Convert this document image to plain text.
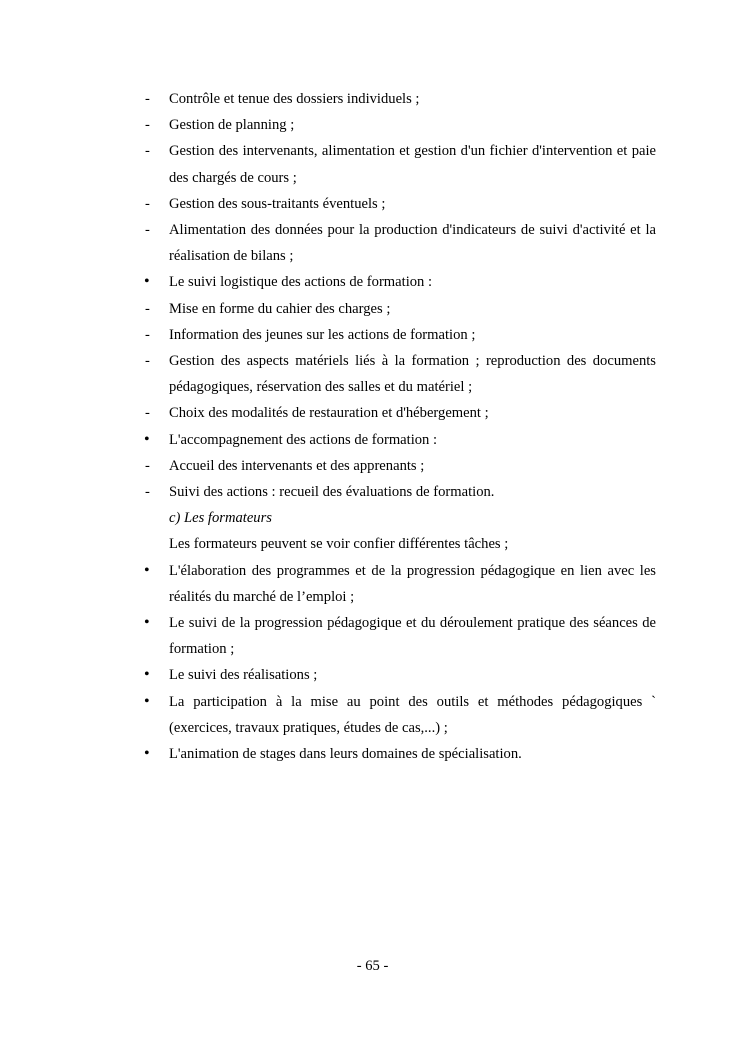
-	Contrôle et tenue des dossiers individuels ;
-	Gestion de planning ;
-	Gestion des intervenants, alimentation et gestion d'un fichier d'intervention et paie des chargés de cours ;
-	Gestion des sous-traitants éventuels ;
-	Alimentation des données pour la production d'indicateurs de suivi d'activité et la réalisation de bilans ;
•	Le suivi logistique des actions de formation :
-	Mise en forme du cahier des charges ;
-	Information des jeunes sur les actions de formation ;
-	Gestion des aspects matériels liés à la formation ; reproduction des documents pédagogiques, réservation des salles et du matériel ;
-	Choix des modalités de restauration et d'hébergement ;
•	L'accompagnement des actions de formation :
-	Accueil des intervenants et des apprenants ;
-	Suivi des actions : recueil des évaluations de formation.
c) Les formateurs
Les formateurs peuvent se voir confier différentes tâches ;
•	L'élaboration des programmes et de la progression pédagogique en lien avec les réalités du marché de l’emploi ;
•	Le suivi de la progression pédagogique et du déroulement pratique des séances de formation ;
•	Le suivi des réalisations ;
•	La participation à la mise au point des outils et méthodes pédagogiques ` (exercices, travaux pratiques, études de cas,...) ;
•	L'animation de stages dans leurs domaines de spécialisation.
- 65 -
